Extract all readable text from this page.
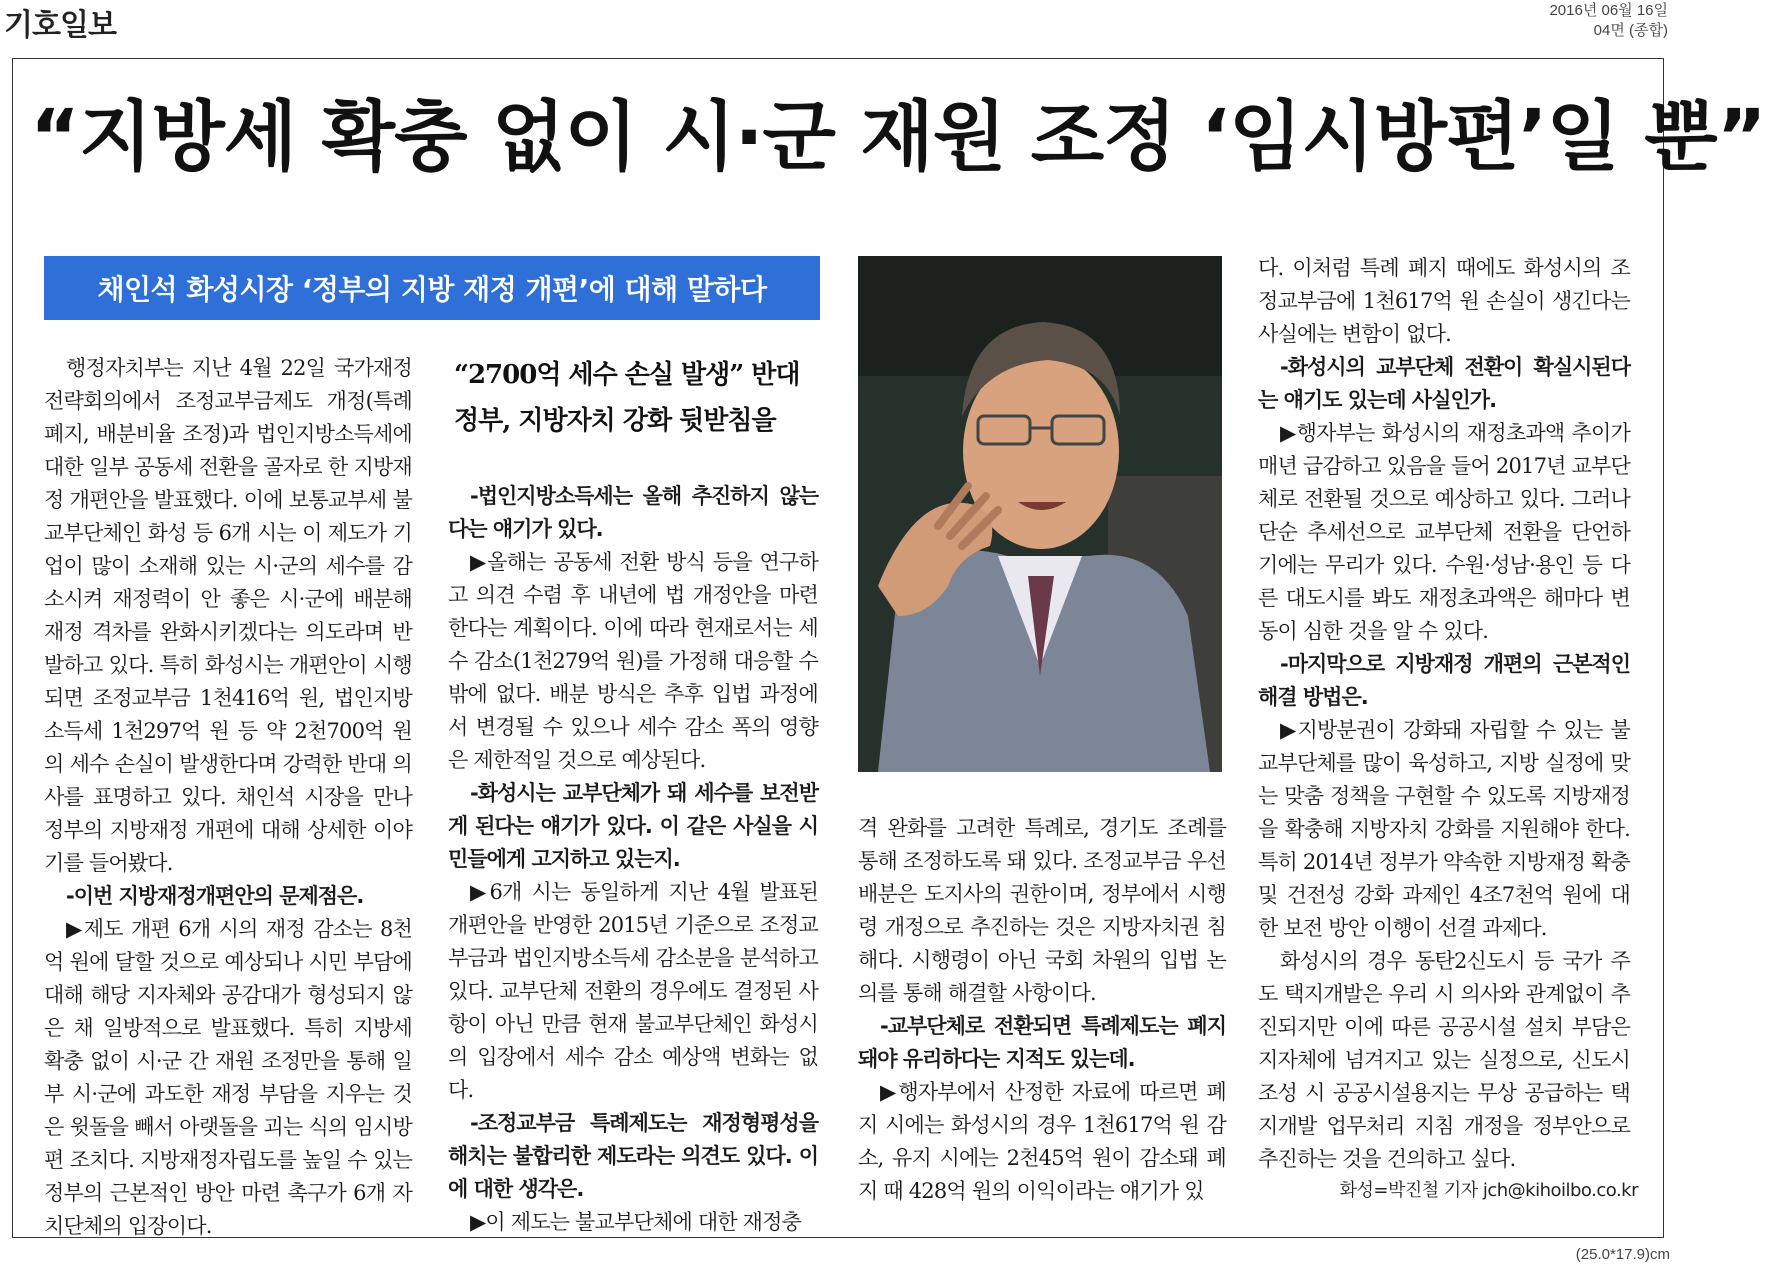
기호일보	2016년 06월 16일
04면 (종합)
“지방세 확충 없이 시·군 재원 조정 ‘임시방편’일 뿐”
채인석 화성시장 ‘정부의 지방 재정 개편’에 대해 말하다
“2700억 세수 손실 발생” 반대
정부, 지방자치 강화 뒷받침을

행정자치부는 지난 4월 22일 국가재정전략회의에서 조정교부금제도 개정(특례 폐지, 배분비율 조정)과 법인지방소득세에 대한 일부 공동세 전환을 골자로 한 지방재정 개편안을 발표했다. 이에 보통교부세 불교부단체인 화성 등 6개 시는 이 제도가 기업이 많이 소재해 있는 시·군의 세수를 감소시켜 재정력이 안 좋은 시·군에 배분해 재정 격차를 완화시키겠다는 의도라며 반발하고 있다. 특히 화성시는 개편안이 시행되면 조정교부금 1천416억 원, 법인지방소득세 1천297억 원 등 약 2천700억 원의 세수 손실이 발생한다며 강력한 반대 의사를 표명하고 있다. 채인석 시장을 만나 정부의 지방재정 개편에 대해 상세한 이야기를 들어봤다.

-이번 지방재정개편안의 문제점은.

▶제도 개편 6개 시의 재정 감소는 8천억 원에 달할 것으로 예상되나 시민 부담에 대해 해당 지자체와 공감대가 형성되지 않은 채 일방적으로 발표했다. 특히 지방세 확충 없이 시·군 간 재원 조정만을 통해 일부 시·군에 과도한 재정 부담을 지우는 것은 윗돌을 빼서 아랫돌을 괴는 식의 임시방편 조치다. 지방재정자립도를 높일 수 있는 정부의 근본적인 방안 마련 촉구가 6개 자치단체의 입장이다.

-법인지방소득세는 올해 추진하지 않는다는 얘기가 있다.

▶올해는 공동세 전환 방식 등을 연구하고 의견 수렴 후 내년에 법 개정안을 마련한다는 계획이다. 이에 따라 현재로서는 세수 감소(1천279억 원)를 가정해 대응할 수밖에 없다. 배분 방식은 추후 입법 과정에서 변경될 수 있으나 세수 감소 폭의 영향은 제한적일 것으로 예상된다.

-화성시는 교부단체가 돼 세수를 보전받게 된다는 얘기가 있다. 이 같은 사실을 시민들에게 고지하고 있는지.

▶6개 시는 동일하게 지난 4월 발표된 개편안을 반영한 2015년 기준으로 조정교부금과 법인지방소득세 감소분을 분석하고 있다. 교부단체 전환의 경우에도 결정된 사항이 아닌 만큼 현재 불교부단체인 화성시의 입장에서 세수 감소 예상액 변화는 없다.

-조정교부금 특례제도는 재정형평성을 해치는 불합리한 제도라는 의견도 있다. 이에 대한 생각은.

▶이 제도는 불교부단체에 대한 재정충

격 완화를 고려한 특례로, 경기도 조례를 통해 조정하도록 돼 있다. 조정교부금 우선 배분은 도지사의 권한이며, 정부에서 시행령 개정으로 추진하는 것은 지방자치권 침해다. 시행령이 아닌 국회 차원의 입법 논의를 통해 해결할 사항이다.

-교부단체로 전환되면 특례제도는 폐지돼야 유리하다는 지적도 있는데.

▶행자부에서 산정한 자료에 따르면 폐지 시에는 화성시의 경우 1천617억 원 감소, 유지 시에는 2천45억 원이 감소돼 폐지 때 428억 원의 이익이라는 얘기가 있

다. 이처럼 특례 폐지 때에도 화성시의 조정교부금에 1천617억 원 손실이 생긴다는 사실에는 변함이 없다.

-화성시의 교부단체 전환이 확실시된다는 얘기도 있는데 사실인가.

▶행자부는 화성시의 재정초과액 추이가 매년 급감하고 있음을 들어 2017년 교부단체로 전환될 것으로 예상하고 있다. 그러나 단순 추세선으로 교부단체 전환을 단언하기에는 무리가 있다. 수원·성남·용인 등 다른 대도시를 봐도 재정초과액은 해마다 변동이 심한 것을 알 수 있다.

-마지막으로 지방재정 개편의 근본적인 해결 방법은.

▶지방분권이 강화돼 자립할 수 있는 불교부단체를 많이 육성하고, 지방 실정에 맞는 맞춤 정책을 구현할 수 있도록 지방재정을 확충해 지방자치 강화를 지원해야 한다. 특히 2014년 정부가 약속한 지방재정 확충 및 건전성 강화 과제인 4조7천억 원에 대한 보전 방안 이행이 선결 과제다.

화성시의 경우 동탄2신도시 등 국가 주도 택지개발은 우리 시 의사와 관계없이 추진되지만 이에 따른 공공시설 설치 부담은 지자체에 넘겨지고 있는 실정으로, 신도시 조성 시 공공시설용지는 무상 공급하는 택지개발 업무처리 지침 개정을 정부안으로 추진하는 것을 건의하고 싶다.

화성=박진철 기자 jch@kihoilbo.co.kr
(25.0*17.9)cm
